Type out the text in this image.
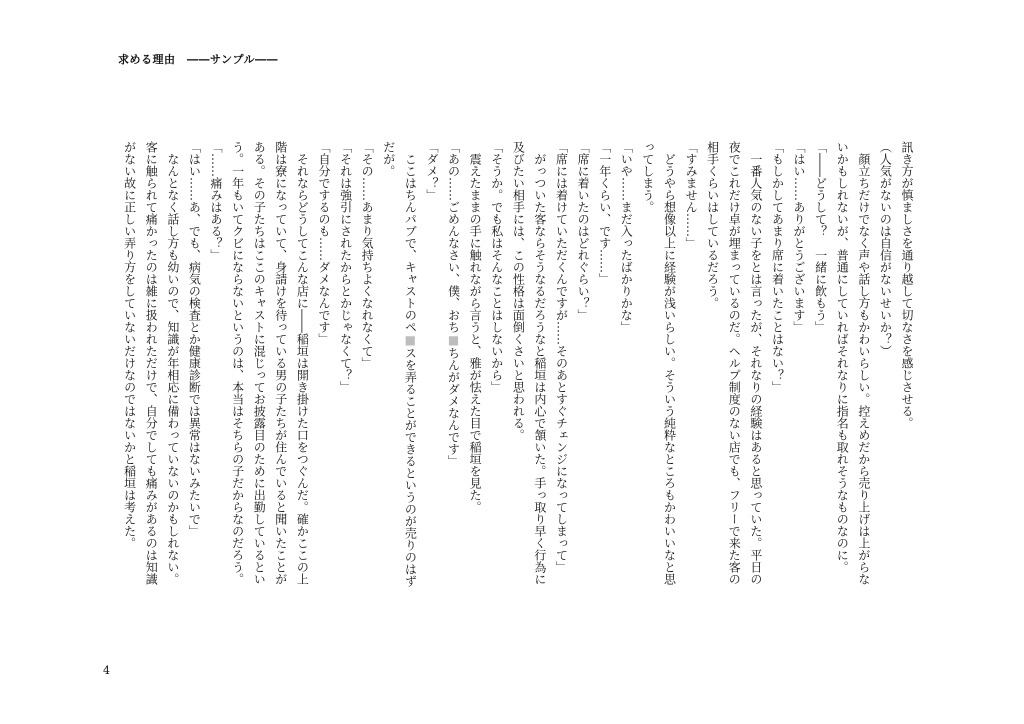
求める理由　――サンプル――
訊き方が慎ましさを通り越して切なさを感じさせる。
（人気がないのは自信がないせいか？）
　顔立ちだけでなく声や話し方もかわいらしい。控えめだから売り上げは上がらな
いかもしれないが、普通にしていればそれなりに指名も取れそうなものなのに。
「――どうして？　一緒に飲もう」
「はい……ありがとうございます」
「もしかしてあまり席に着いたことはない？」
　一番人気のない子をとは言ったが、それなりの経験はあると思っていた。平日の
夜でこれだけ卓が埋まっているのだ。ヘルプ制度のない店でも、フリーで来た客の
相手くらいはしているだろう。
「すみません……」
　どうやら想像以上に経験が浅いらしい。そういう純粋なところもかわいいなと思
ってしまう。
「いや……まだ入ったばかりかな」
「一年くらい、です……」
「席に着いたのはどれぐらい？」
「席には着けていただくんですが……そのあとすぐチェンジになってしまって」
　がっついた客ならそうなるだろうなと稲垣は内心で頷いた。手っ取り早く行為に
及びたい相手には、この性格は面倒くさいと思われる。
「そうか。でも私はそんなことはしないから」
　震えたままの手に触れながら言うと、雅が怯えた目で稲垣を見た。
「あの……ごめんなさい、僕、おち■ちんがダメなんです」
「ダメ？」
　ここはちんパブで、キャストのペ■スを弄ることができるというのが売りのはず
だが。
「その……あまり気持ちよくなれなくて」
「それは強引にされたからとかじゃなくて？」
「自分でするのも……ダメなんです」
　それならどうしてこんな店に――稲垣は開き掛けた口をつぐんだ。確かここの上
階は寮になっていて、身請けを待っている男の子たちが住んでいると聞いたことが
ある。その子たちはここのキャストに混じってお披露目のために出勤しているとい
う。一年もいてクビにならないというのは、本当はそちらの子だからなのだろう。
「……痛みはある？」
「はい……あ、でも、病気の検査とか健康診断では異常はないみたいで」
　なんとなく話し方も幼いので、知識が年相応に備わっていないのかもしれない。
客に触られて痛かったのは雑に扱われただけで、自分でしても痛みがあるのは知識
がない故に正しい弄り方をしていないだけなのではないかと稲垣は考えた。
4
